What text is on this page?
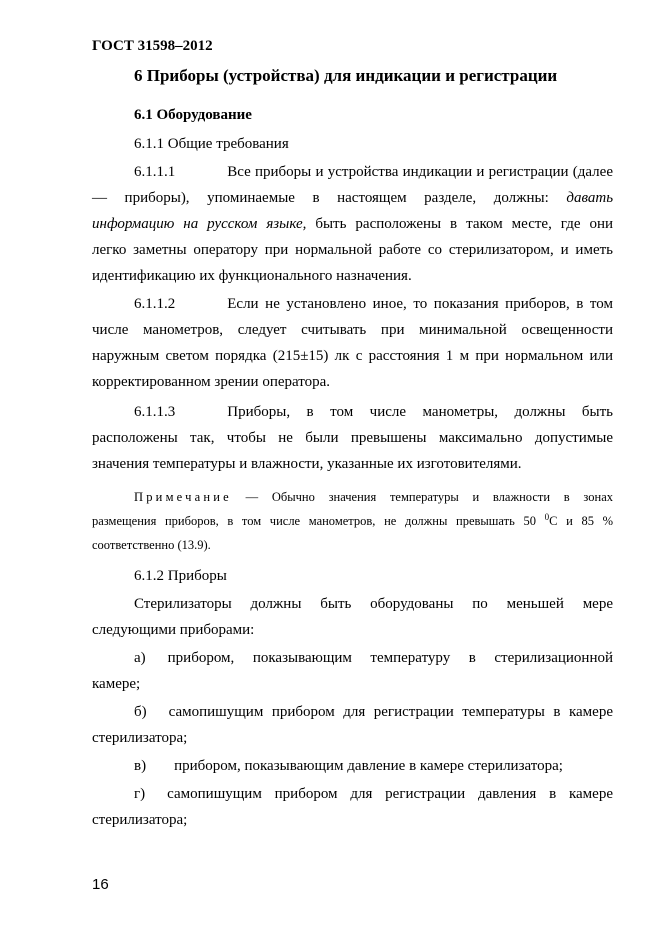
ГОСТ 31598–2012
6 Приборы (устройства) для индикации и регистрации
6.1 Оборудование
6.1.1 Общие требования
6.1.1.1	Все приборы и устройства индикации и регистрации (далее
— приборы), упоминаемые в настоящем разделе, должны: давать
информацию на русском языке, быть расположены в таком месте, где они
легко заметны оператору при нормальной работе со стерилизатором, и иметь
идентификацию их функционального назначения.
6.1.1.2	Если не установлено иное, то показания приборов, в том
числе манометров, следует считывать при минимальной освещенности
наружным светом порядка (215±15) лк с расстояния 1 м при нормальном или
корректированном зрении оператора.
6.1.1.3	Приборы, в том числе манометры, должны быть
расположены так, чтобы не были превышены максимально допустимые
значения температуры и влажности, указанные их изготовителями.
Примечание — Обычно значения температуры и влажности в зонах
размещения приборов, в том числе манометров, не должны превышать 50 $^0$С и 85 %
соответственно (13.9).
6.1.2 Приборы
Стерилизаторы должны быть оборудованы по меньшей мере
следующими приборами:
а) прибором, показывающим температуру в стерилизационной
камере;
б) самопишущим прибором для регистрации температуры в камере
стерилизатора;
в) прибором, показывающим давление в камере стерилизатора;
г) самопишущим прибором для регистрации давления в камере
стерилизатора;
16
